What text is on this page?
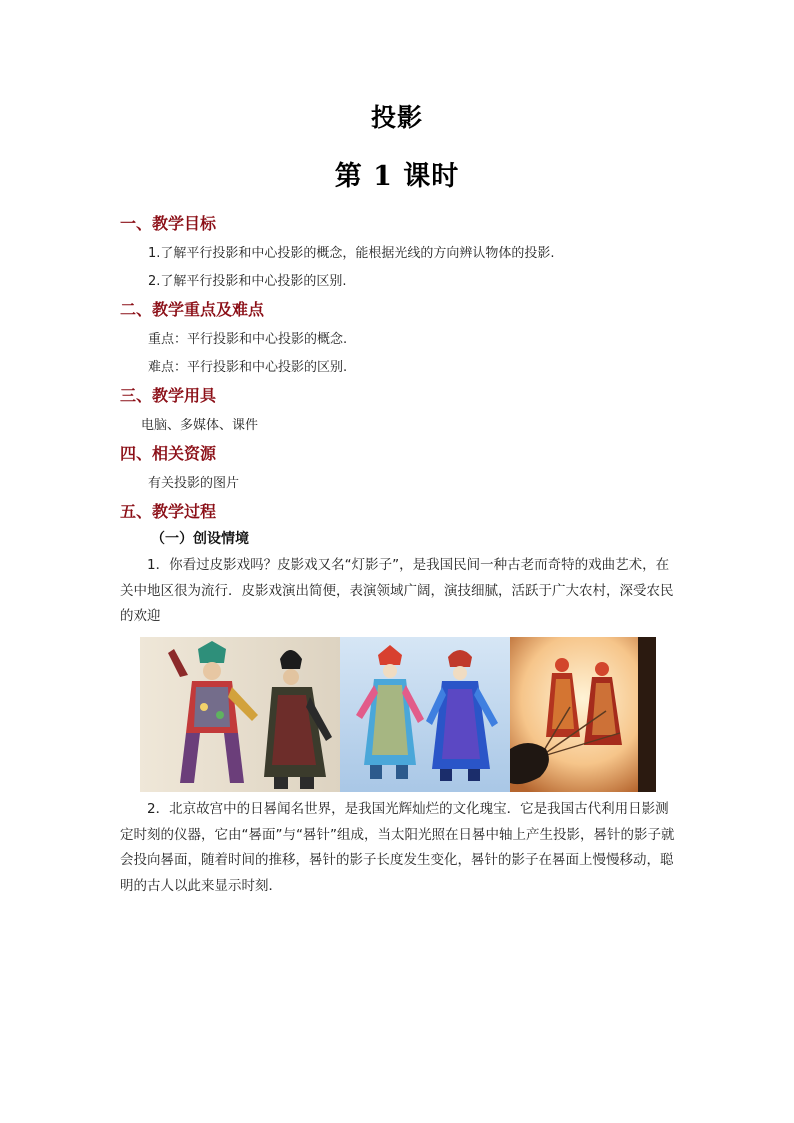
投影
第 1 课时
一、教学目标
1.了解平行投影和中心投影的概念，能根据光线的方向辨认物体的投影.
2.了解平行投影和中心投影的区别.
二、教学重点及难点
重点：平行投影和中心投影的概念.
难点：平行投影和中心投影的区别.
三、教学用具
电脑、多媒体、课件
四、相关资源
有关投影的图片
五、教学过程
（一）创设情境
1．你看过皮影戏吗？皮影戏又名“灯影子”，是我国民间一种古老而奇特的戏曲艺术，在关中地区很为流行．皮影戏演出简便，表演领域广阔，演技细腻，活跃于广大农村，深受农民的欢迎
2．北京故宫中的日晷闻名世界，是我国光辉灿烂的文化瑰宝．它是我国古代利用日影测定时刻的仪器，它由“晷面”与“晷针”组成，当太阳光照在日晷中轴上产生投影，晷针的影子就会投向晷面，随着时间的推移，晷针的影子长度发生变化，晷针的影子在晷面上慢慢移动，聪明的古人以此来显示时刻．
